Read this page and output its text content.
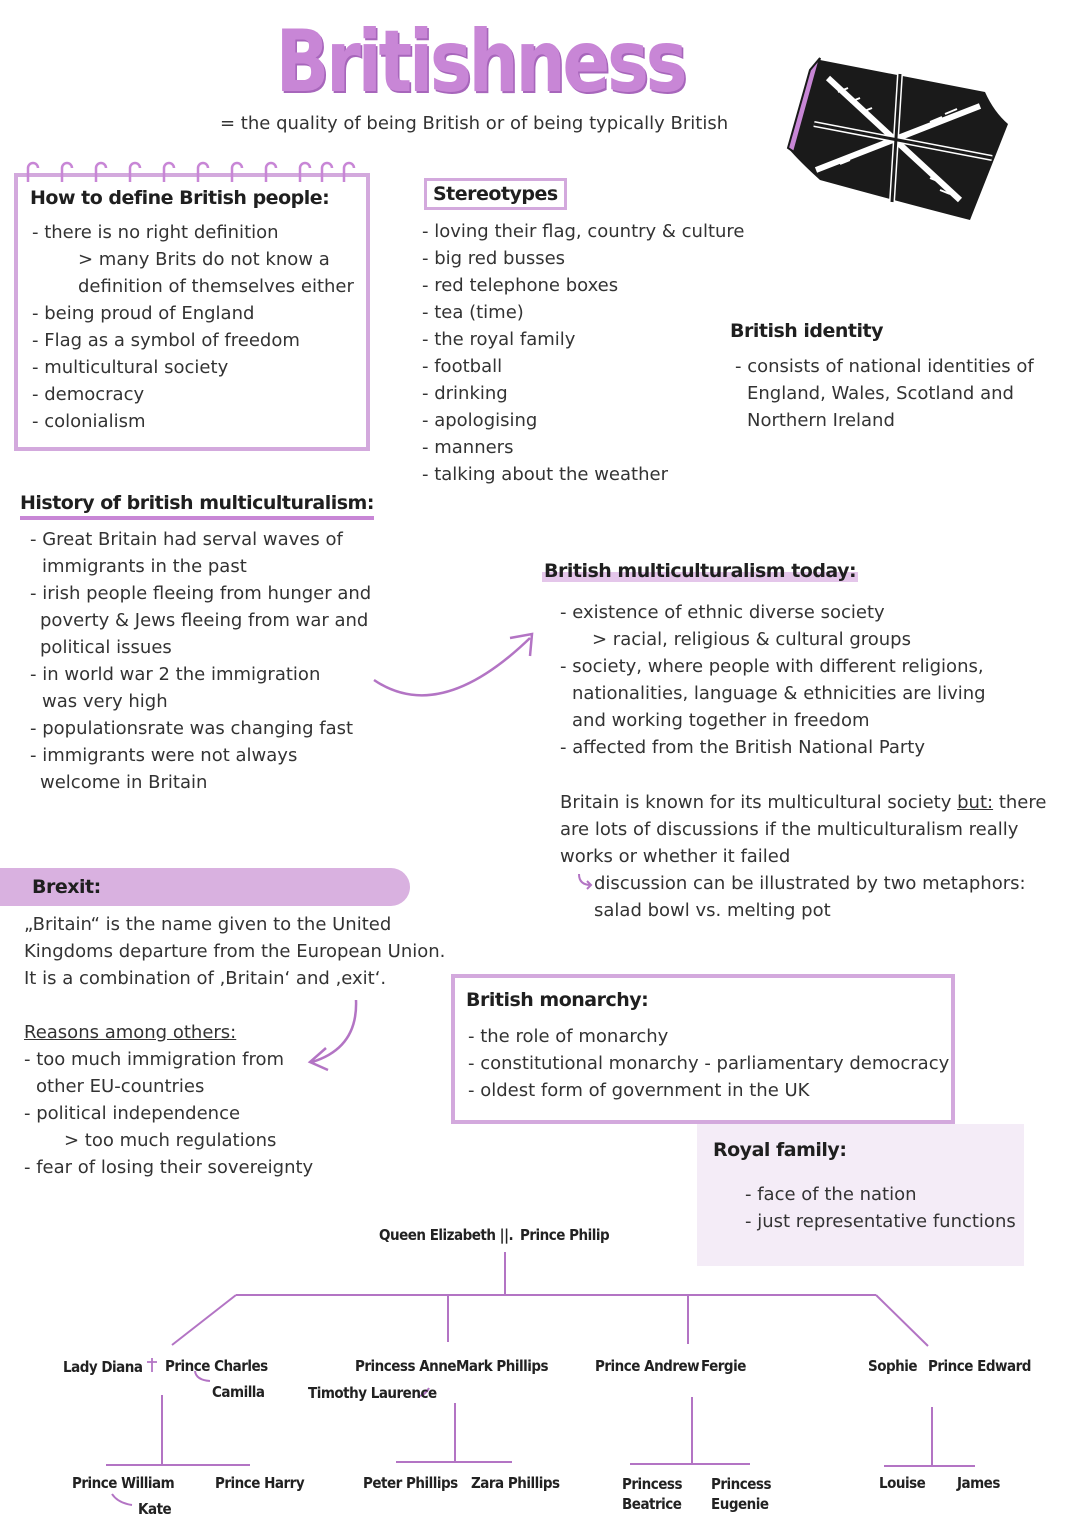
Britishness
= the quality of being British or of being typically British
How to define British people:
- there is no right definition
> many Brits do not know a
definition of themselves either
- being proud of England
- Flag as a symbol of freedom
- multicultural society
- democracy
- colonialism
Stereotypes
- loving their flag, country & culture
- big red busses
- red telephone boxes
- tea (time)
- the royal family
- football
- drinking
- apologising
- manners
- talking about the weather
British identity
- consists of national identities of
England, Wales, Scotland and
Northern Ireland
History of british multiculturalism:
- Great Britain had serval waves of
immigrants in the past
- irish people fleeing from hunger and
poverty & Jews fleeing from war and
political issues
- in world war 2 the immigration
was very high
- populationsrate was changing fast
- immigrants were not always
welcome in Britain
British multiculturalism today:
- existence of ethnic diverse society
> racial, religious & cultural groups
- society, where people with different religions,
nationalities, language & ethnicities are living
and working together in freedom
- affected from the British National Party
Britain is known for its multicultural society but: there
are lots of discussions if the multiculturalism really
works or whether it failed
discussion can be illustrated by two metaphors:
salad bowl vs. melting pot
Brexit:
„Britain“ is the name given to the United
Kingdoms departure from the European Union.
It is a combination of ‚Britain‘ and ‚exit‘.
Reasons among others:
- too much immigration from
other EU-countries
- political independence
> too much regulations
- fear of losing their sovereignty
British monarchy:
- the role of monarchy
- constitutional monarchy - parliamentary democracy
- oldest form of government in the UK
Royal family:
- face of the nation
- just representative functions
Queen Elizabeth ||. Prince Philip
Lady Diana	Prince Charles
Camilla
Princess Anne Mark Phillips
Timothy Laurence
Prince Andrew Fergie	Sophie Prince Edward
Prince William
Kate
Prince Harry	Peter Phillips Zara Phillips	Princess
Beatrice
Princess
Eugenie
Louise James
